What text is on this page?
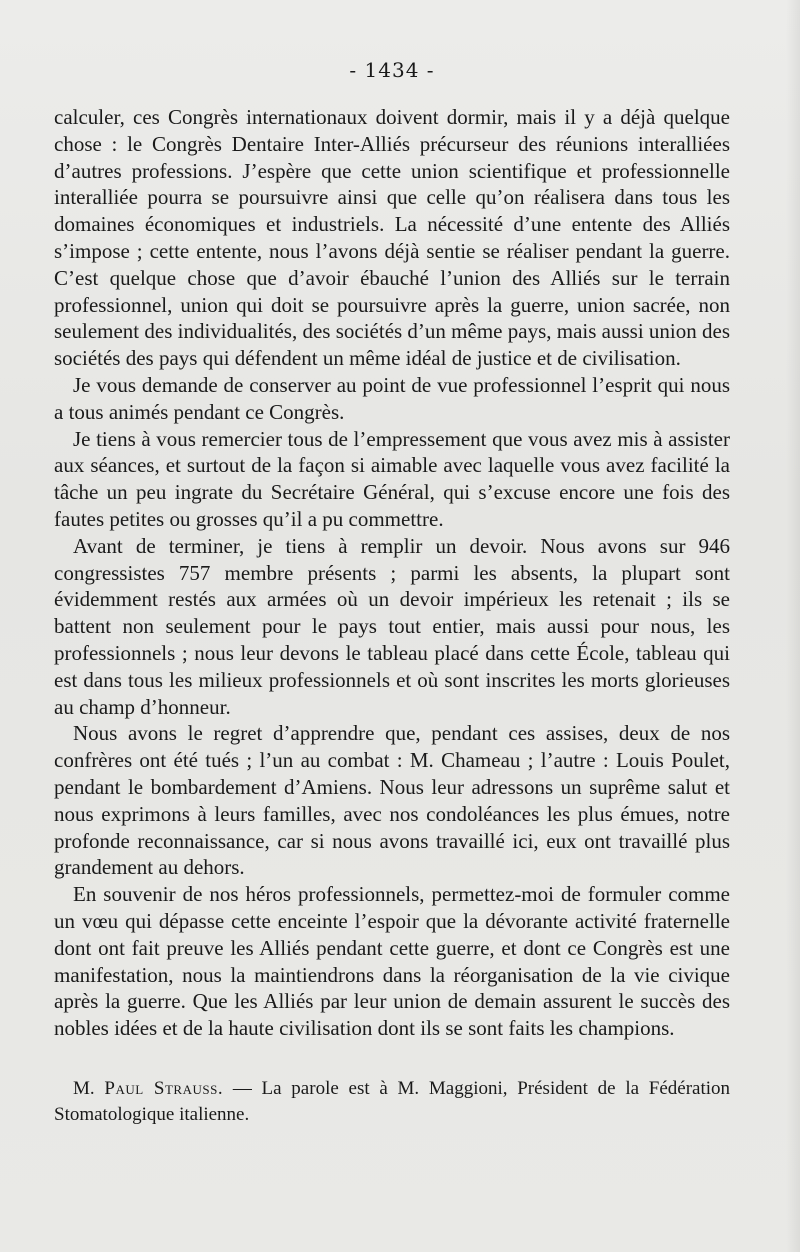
- 1434 -

calculer, ces Congrès internationaux doivent dormir, mais il y a déjà quelque chose : le Congrès Dentaire Inter-Alliés précurseur des réunions interalliées d’autres professions. J’espère que cette union scientifique et professionnelle interalliée pourra se poursuivre ainsi que celle qu’on réalisera dans tous les domaines économiques et industriels. La nécessité d’une entente des Alliés s’impose ; cette entente, nous l’avons déjà sentie se réaliser pendant la guerre. C’est quelque chose que d’avoir ébauché l’union des Alliés sur le terrain professionnel, union qui doit se poursuivre après la guerre, union sacrée, non seulement des individualités, des sociétés d’un même pays, mais aussi union des sociétés des pays qui défendent un même idéal de justice et de civilisation.

Je vous demande de conserver au point de vue professionnel l’esprit qui nous a tous animés pendant ce Congrès.

Je tiens à vous remercier tous de l’empressement que vous avez mis à assister aux séances, et surtout de la façon si aimable avec laquelle vous avez facilité la tâche un peu ingrate du Secrétaire Général, qui s’excuse encore une fois des fautes petites ou grosses qu’il a pu commettre.

Avant de terminer, je tiens à remplir un devoir. Nous avons sur 946 congressistes 757 membre présents ; parmi les absents, la plupart sont évidemment restés aux armées où un devoir impérieux les retenait ; ils se battent non seulement pour le pays tout entier, mais aussi pour nous, les professionnels ; nous leur devons le tableau placé dans cette École, tableau qui est dans tous les milieux professionnels et où sont inscrites les morts glorieuses au champ d’honneur.

Nous avons le regret d’apprendre que, pendant ces assises, deux de nos confrères ont été tués ; l’un au combat : M. Chameau ; l’autre : Louis Poulet, pendant le bombardement d’Amiens. Nous leur adressons un suprême salut et nous exprimons à leurs familles, avec nos condoléances les plus émues, notre profonde reconnaissance, car si nous avons travaillé ici, eux ont travaillé plus grandement au dehors.

En souvenir de nos héros professionnels, permettez-moi de formuler comme un vœu qui dépasse cette enceinte l’espoir que la dévorante activité fraternelle dont ont fait preuve les Alliés pendant cette guerre, et dont ce Congrès est une manifestation, nous la maintiendrons dans la réorganisation de la vie civique après la guerre. Que les Alliés par leur union de demain assurent le succès des nobles idées et de la haute civilisation dont ils se sont faits les champions.

M. Paul Strauss. — La parole est à M. Maggioni, Président de la Fédération Stomatologique italienne.
